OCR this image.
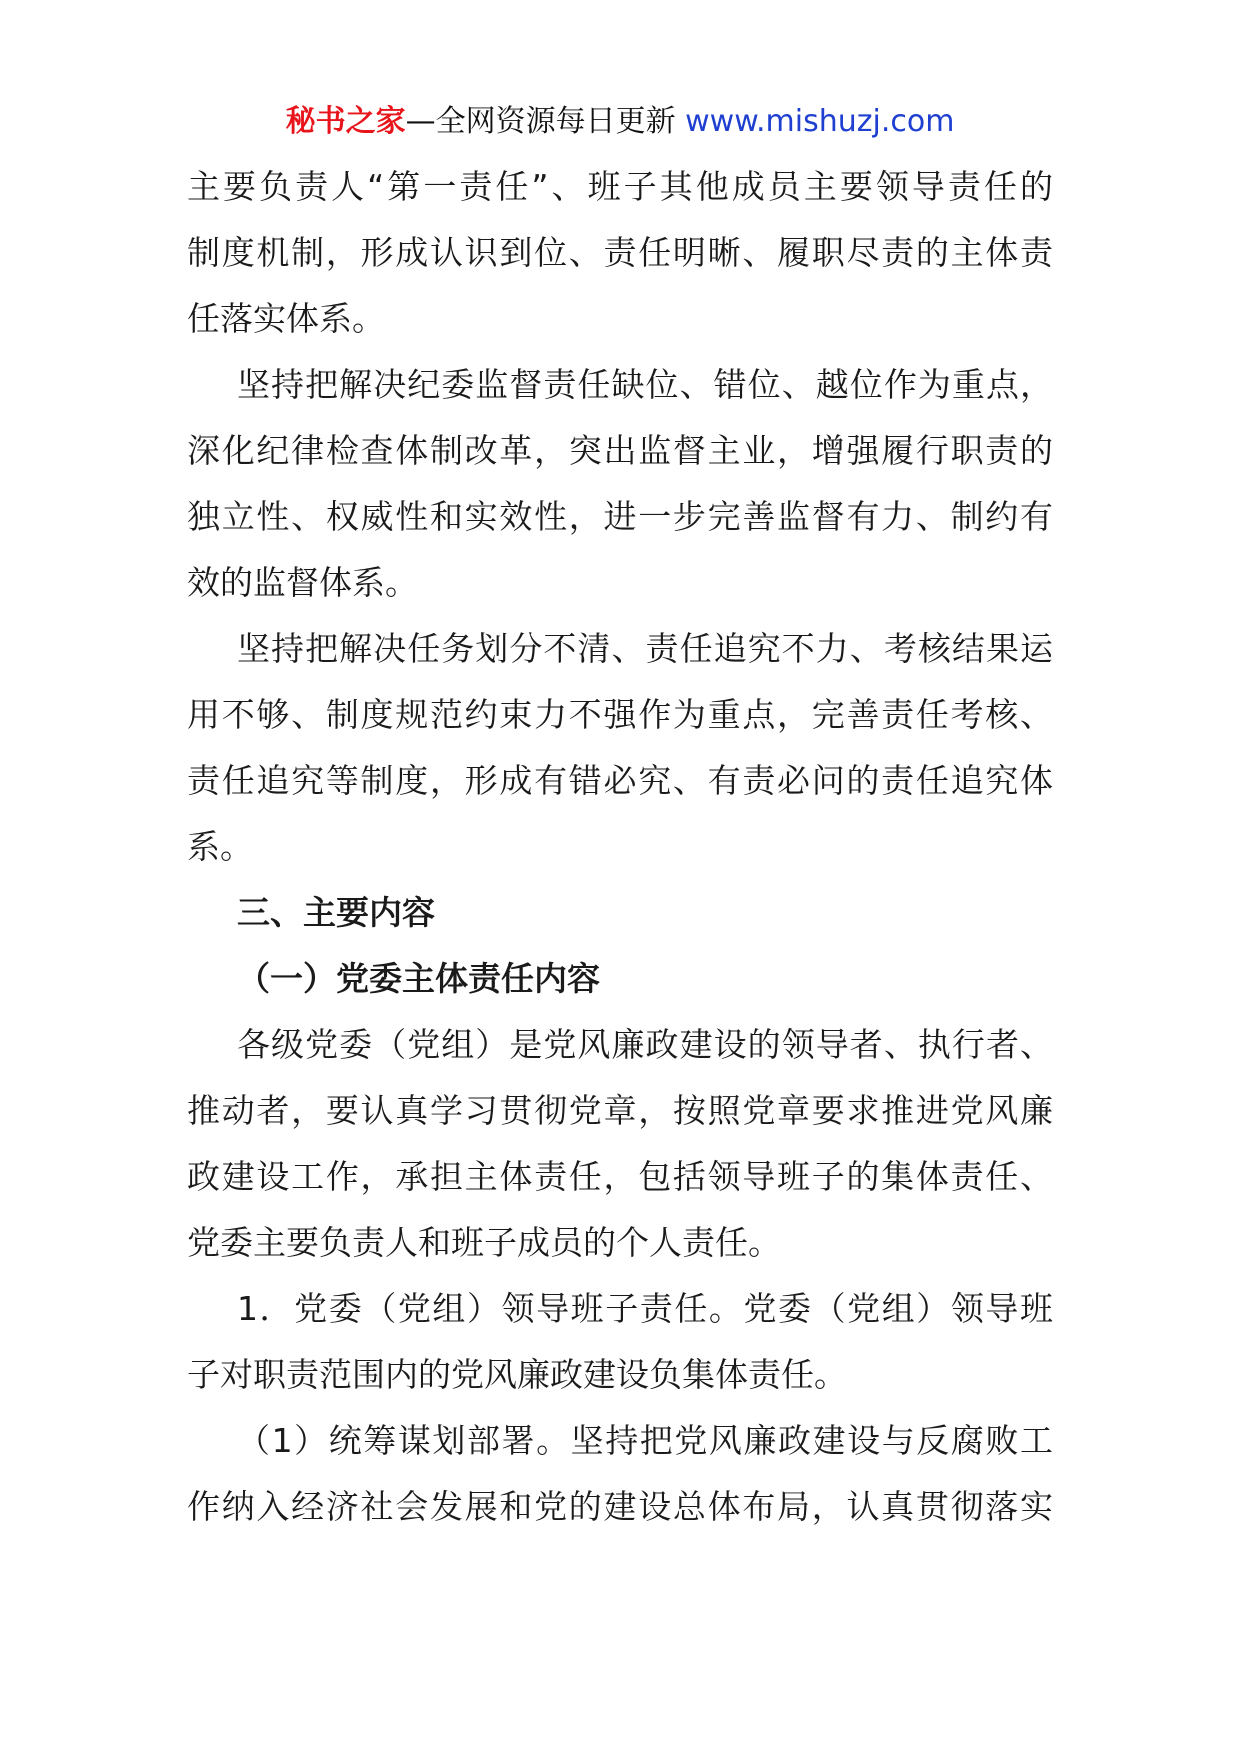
秘书之家—全网资源每日更新 www.mishuzj.com
主要负责人“第一责任”、班子其他成员主要领导责任的
制度机制，形成认识到位、责任明晰、履职尽责的主体责
任落实体系。
坚持把解决纪委监督责任缺位、错位、越位作为重点，
深化纪律检查体制改革，突出监督主业，增强履行职责的
独立性、权威性和实效性，进一步完善监督有力、制约有
效的监督体系。
坚持把解决任务划分不清、责任追究不力、考核结果运
用不够、制度规范约束力不强作为重点，完善责任考核、
责任追究等制度，形成有错必究、有责必问的责任追究体
系。
三、主要内容
（一）党委主体责任内容
各级党委（党组）是党风廉政建设的领导者、执行者、
推动者，要认真学习贯彻党章，按照党章要求推进党风廉
政建设工作，承担主体责任，包括领导班子的集体责任、
党委主要负责人和班子成员的个人责任。
1．党委（党组）领导班子责任。党委（党组）领导班
子对职责范围内的党风廉政建设负集体责任。
（1）统筹谋划部署。坚持把党风廉政建设与反腐败工
作纳入经济社会发展和党的建设总体布局，认真贯彻落实
